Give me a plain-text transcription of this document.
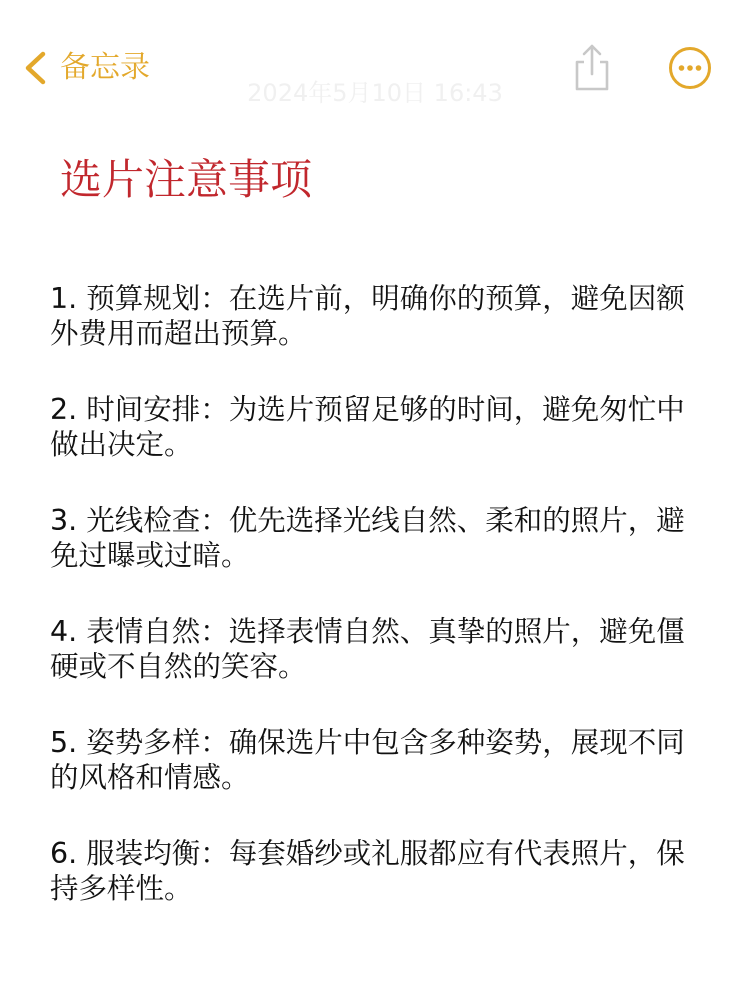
备忘录
2024年5月10日 16:43
选片注意事项
1. 预算规划：在选片前，明确你的预算，避免因额
外费用而超出预算。
2. 时间安排：为选片预留足够的时间，避免匆忙中
做出决定。
3. 光线检查：优先选择光线自然、柔和的照片，避
免过曝或过暗。
4. 表情自然：选择表情自然、真挚的照片，避免僵
硬或不自然的笑容。
5. 姿势多样：确保选片中包含多种姿势，展现不同
的风格和情感。
6. 服装均衡：每套婚纱或礼服都应有代表照片，保
持多样性。
